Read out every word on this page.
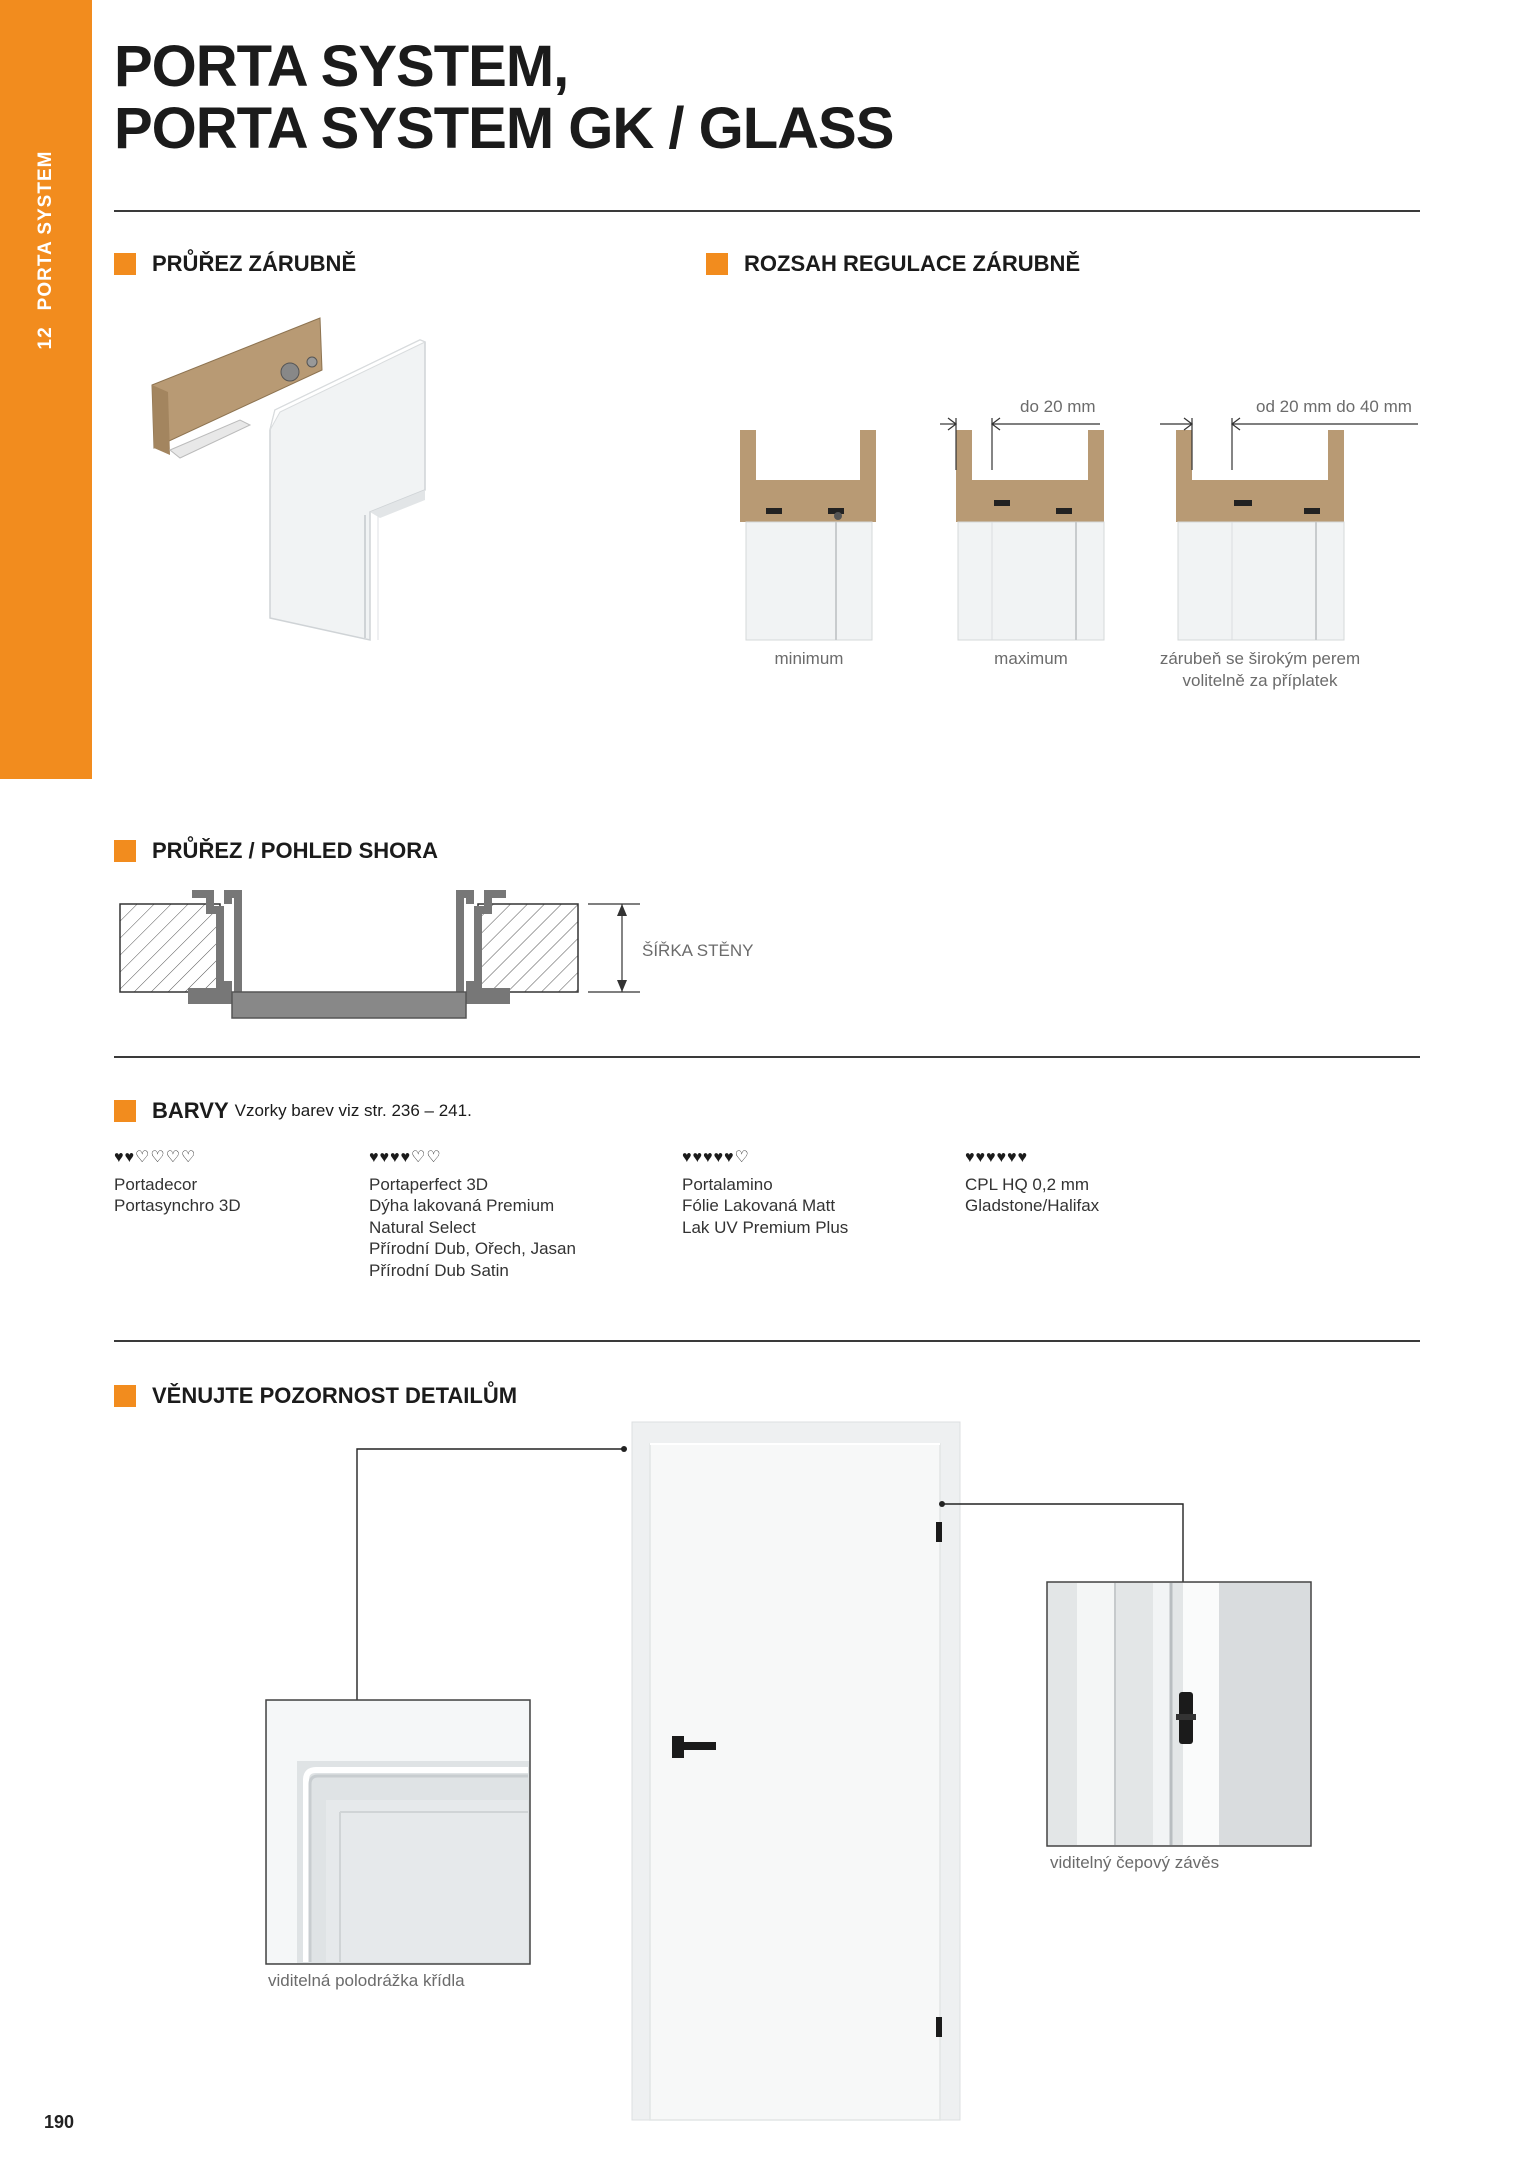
12PORTA SYSTEM
PORTA SYSTEM,
PORTA SYSTEM GK / GLASS
PRŮŘEZ ZÁRUBNĚ	ROZSAH REGULACE ZÁRUBNĚ
do 20 mm	od 20 mm do 40 mm
minimum	maximum	zárubeň se širokým perem
volitelně za příplatek
PRŮŘEZ / POHLED SHORA
ŠÍŘKA STĚNY
BARVY Vzorky barev viz str. 236 – 241.
♥♥♡♡♡♡
Portadecor
Portasynchro 3D
♥♥♥♥♡♡
Portaperfect 3D
Dýha lakovaná Premium
Natural Select
Přírodní Dub, Ořech, Jasan
Přírodní Dub Satin
♥♥♥♥♥♡
Portalamino
Fólie Lakovaná Matt
Lak UV Premium Plus
♥♥♥♥♥♥
CPL HQ 0,2 mm
Gladstone/Halifax
VĚNUJTE POZORNOST DETAILŮM
viditelná polodrážka křídla
viditelný čepový závěs
190
